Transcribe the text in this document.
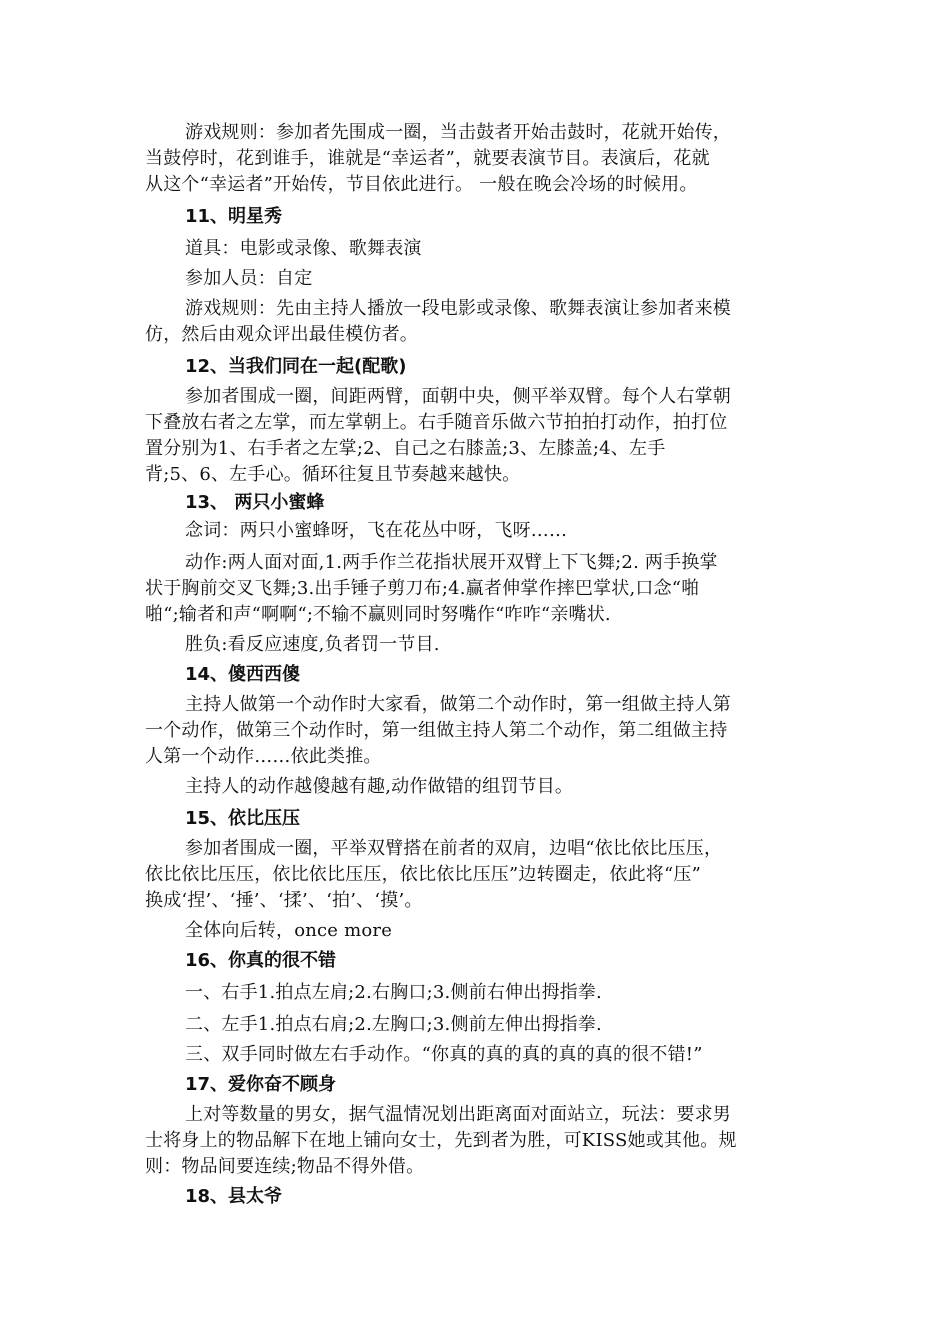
游戏规则：参加者先围成一圈，当击鼓者开始击鼓时，花就开始传，
当鼓停时，花到谁手，谁就是“幸运者”，就要表演节目。表演后，花就
从这个“幸运者”开始传，节目依此进行。 一般在晚会冷场的时候用。
11、明星秀
道具：电影或录像、歌舞表演
参加人员：自定
游戏规则：先由主持人播放一段电影或录像、歌舞表演让参加者来模
仿，然后由观众评出最佳模仿者。
12、当我们同在一起(配歌)
参加者围成一圈，间距两臂，面朝中央，侧平举双臂。每个人右掌朝
下叠放右者之左掌，而左掌朝上。右手随音乐做六节拍拍打动作，拍打位
置分别为1、右手者之左掌;2、自己之右膝盖;3、左膝盖;4、左手
背;5、6、左手心。循环往复且节奏越来越快。
13、 两只小蜜蜂
念词：两只小蜜蜂呀，飞在花丛中呀，飞呀……
动作:两人面对面,1.两手作兰花指状展开双臂上下飞舞;2. 两手换掌
状于胸前交叉飞舞;3.出手锤子剪刀布;4.赢者伸掌作摔巴掌状,口念“啪
啪“;输者和声“啊啊“;不输不赢则同时努嘴作“咋咋“亲嘴状.
胜负:看反应速度,负者罚一节目.
14、傻西西傻
主持人做第一个动作时大家看，做第二个动作时，第一组做主持人第
一个动作，做第三个动作时，第一组做主持人第二个动作，第二组做主持
人第一个动作……依此类推。
主持人的动作越傻越有趣,动作做错的组罚节目。
15、依比压压
参加者围成一圈，平举双臂搭在前者的双肩，边唱“依比依比压压，
依比依比压压，依比依比压压，依比依比压压”边转圈走，依此将“压”
换成‘捏’、‘捶’、‘揉’、‘拍’、‘摸’。
全体向后转，once more
16、你真的很不错
一、右手1.拍点左肩;2.右胸口;3.侧前右伸出拇指拳.
二、左手1.拍点右肩;2.左胸口;3.侧前左伸出拇指拳.
三、双手同时做左右手动作。“你真的真的真的真的真的很不错!”
17、爱你奋不顾身
上对等数量的男女，据气温情况划出距离面对面站立，玩法：要求男
士将身上的物品解下在地上铺向女士，先到者为胜，可KISS她或其他。规
则：物品间要连续;物品不得外借。
18、县太爷
